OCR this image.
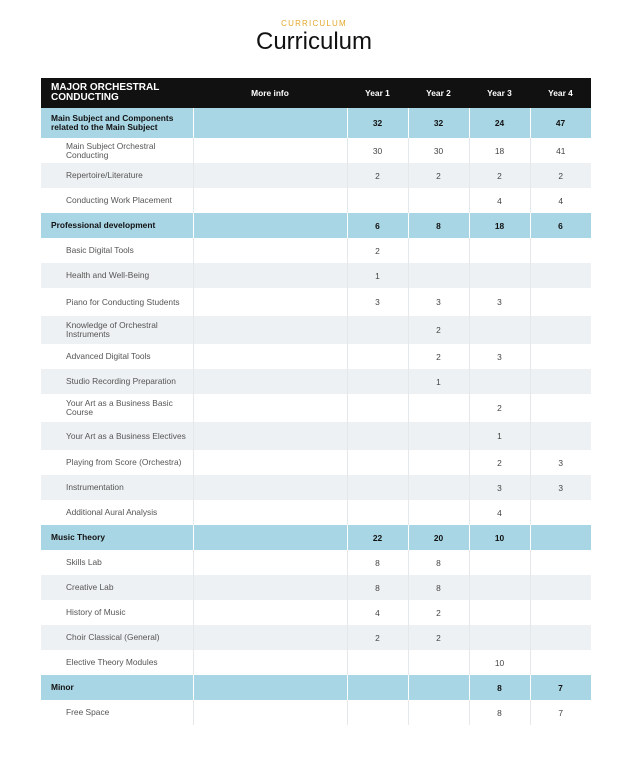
CURRICULUM
Curriculum
MAJOR ORCHESTRAL CONDUCTING	More info	Year 1	Year 2	Year 3	Year 4
Main Subject and Components related to the Main Subject		32	32	24	47
Main Subject Orchestral Conducting		30	30	18	41
Repertoire/Literature		2	2	2	2
Conducting Work Placement				4	4
Professional development		6	8	18	6
Basic Digital Tools		2			
Health and Well-Being		1			
Piano for Conducting Students		3	3	3	
Knowledge of Orchestral Instruments			2		
Advanced Digital Tools			2	3	
Studio Recording Preparation			1		
Your Art as a Business Basic Course				2	
Your Art as a Business Electives				1	
Playing from Score (Orchestra)				2	3
Instrumentation				3	3
Additional Aural Analysis				4	
Music Theory		22	20	10	
Skills Lab		8	8		
Creative Lab		8	8		
History of Music		4	2		
Choir Classical (General)		2	2		
Elective Theory Modules				10	
Minor				8	7
Free Space				8	7
